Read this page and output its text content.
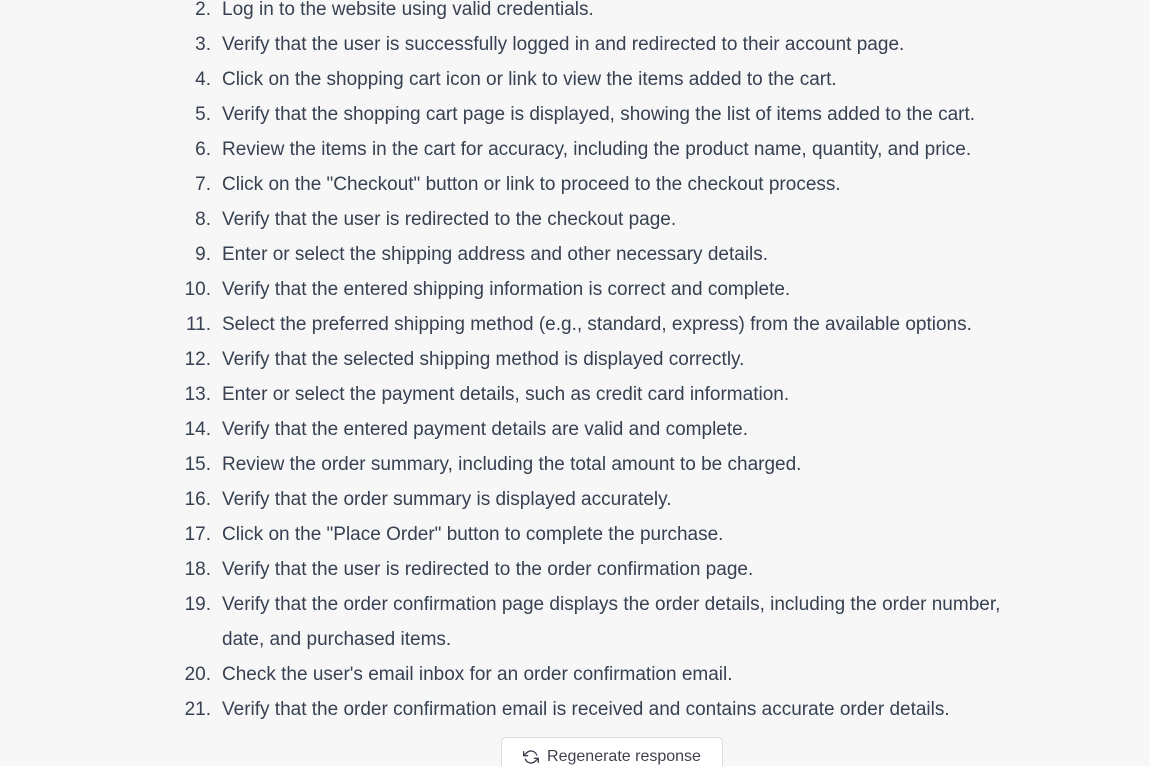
2. Log in to the website using valid credentials.
3. Verify that the user is successfully logged in and redirected to their account page.
4. Click on the shopping cart icon or link to view the items added to the cart.
5. Verify that the shopping cart page is displayed, showing the list of items added to the cart.
6. Review the items in the cart for accuracy, including the product name, quantity, and price.
7. Click on the "Checkout" button or link to proceed to the checkout process.
8. Verify that the user is redirected to the checkout page.
9. Enter or select the shipping address and other necessary details.
10. Verify that the entered shipping information is correct and complete.
11. Select the preferred shipping method (e.g., standard, express) from the available options.
12. Verify that the selected shipping method is displayed correctly.
13. Enter or select the payment details, such as credit card information.
14. Verify that the entered payment details are valid and complete.
15. Review the order summary, including the total amount to be charged.
16. Verify that the order summary is displayed accurately.
17. Click on the "Place Order" button to complete the purchase.
18. Verify that the user is redirected to the order confirmation page.
19. Verify that the order confirmation page displays the order details, including the order number, date, and purchased items.
20. Check the user's email inbox for an order confirmation email.
21. Verify that the order confirmation email is received and contains accurate order details.
Regenerate response
